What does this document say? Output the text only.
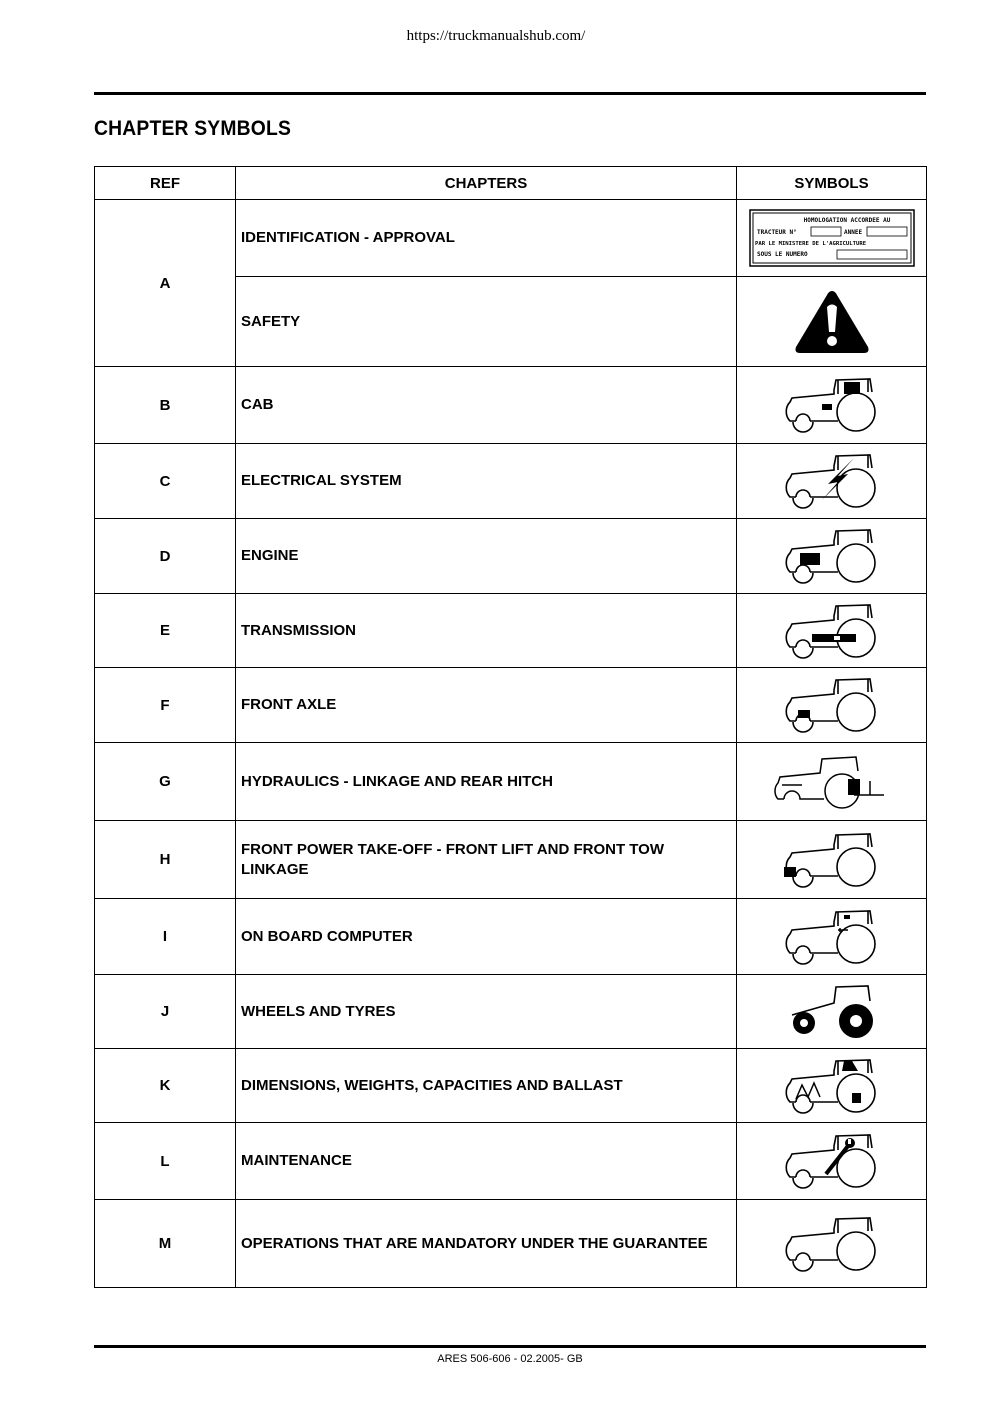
https://truckmanualshub.com/
CHAPTER SYMBOLS
REF	CHAPTERS	SYMBOLS
A	IDENTIFICATION - APPROVAL	HOMOLOGATION ACCORDEE AU
TRACTEUR N° ANNEE
PAR LE MINISTERE DE L'AGRICULTURE
SOUS LE NUMERO

	SAFETY	

B	CAB	

C	ELECTRICAL SYSTEM	

D	ENGINE	

E	TRANSMISSION	

F	FRONT AXLE	

G	HYDRAULICS - LINKAGE AND REAR HITCH	

H	FRONT POWER TAKE-OFF - FRONT LIFT AND FRONT TOW LINKAGE	

I	ON BOARD COMPUTER	

J	WHEELS AND TYRES	

K	DIMENSIONS, WEIGHTS, CAPACITIES AND BALLAST	

L	MAINTENANCE	

M	OPERATIONS THAT ARE MANDATORY UNDER THE GUARANTEE	
ARES 506-606 - 02.2005- GB
